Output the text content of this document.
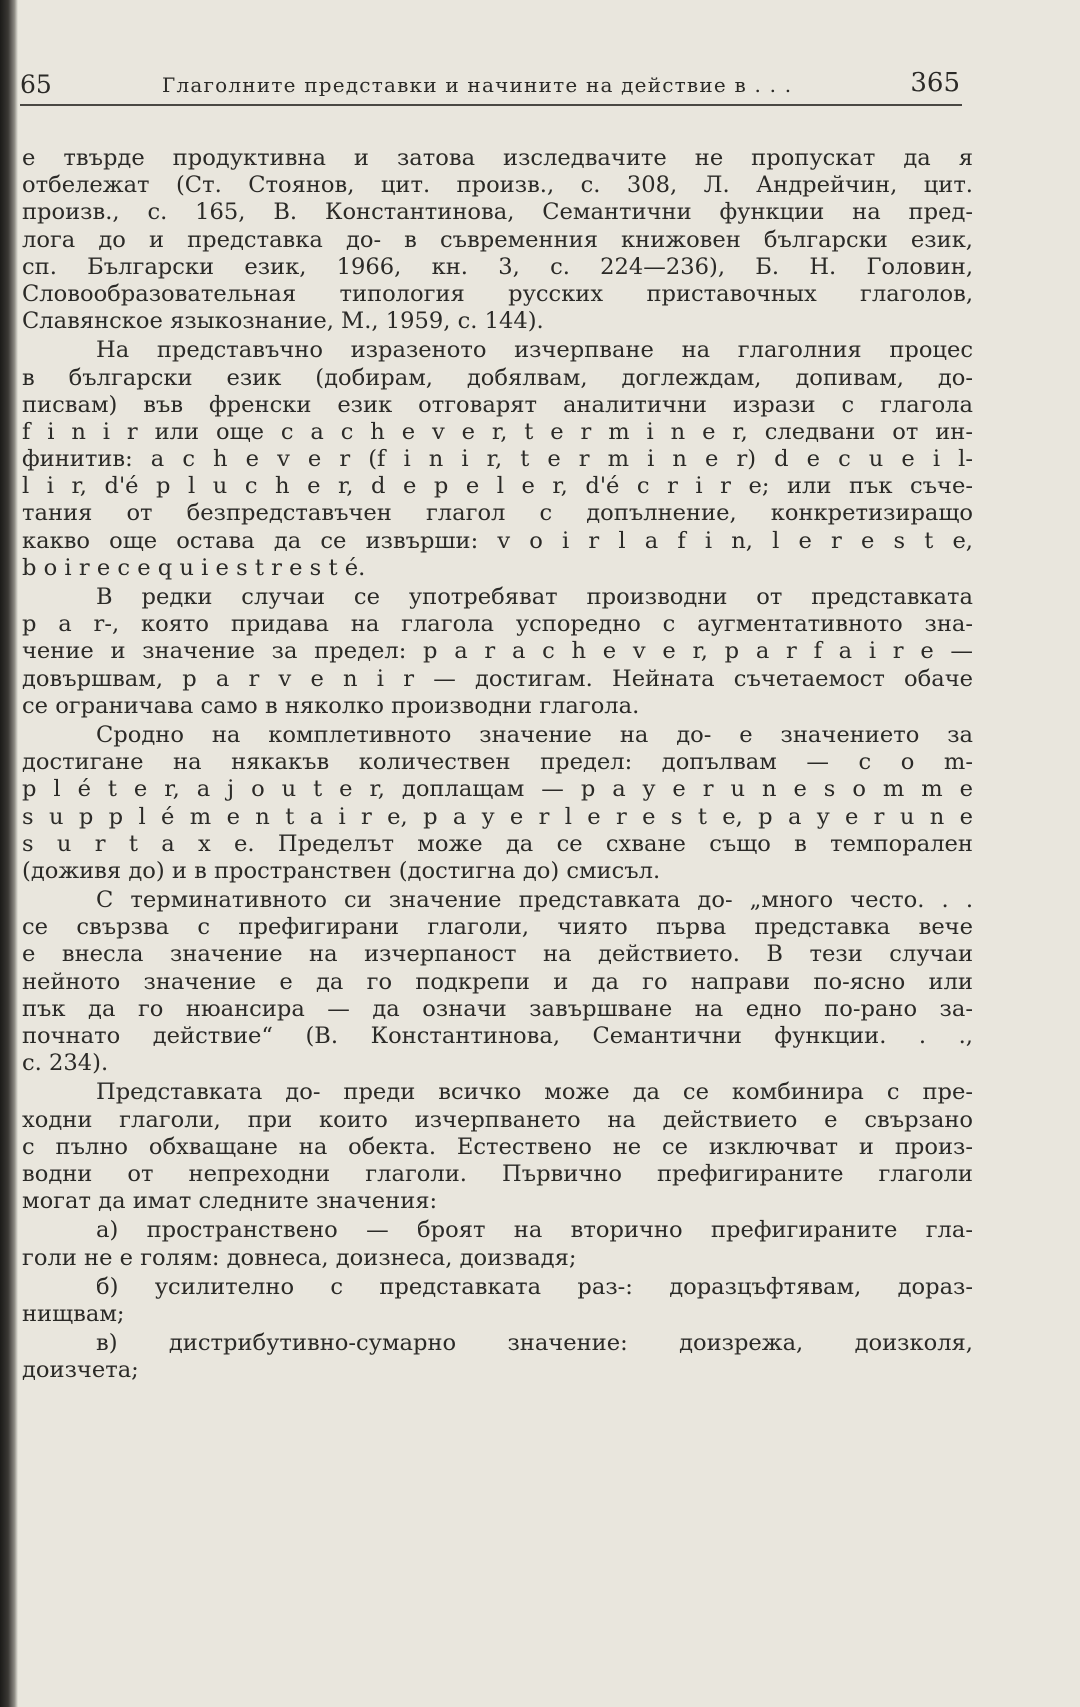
65	Глаголните представки и начините на действие в . . .	365
е твърде продуктивна и затова изследвачите не пропускат да я
отбележат (Ст. Стоянов, цит. произв., с. 308, Л. Андрейчин, цит.
произв., с. 165, В. Константинова, Семантични функции на пред-
лога до и представка до- в съвременния книжовен български език,
сп. Български език, 1966, кн. 3, с. 224—236), Б. Н. Головин,
Словообразовательная типология русских приставочных глаголов,
Славянское языкознание, М., 1959, с. 144).
На представъчно изразеното изчерпване на глаголния процес
в български език (добирам, добялвам, доглеждам, допивам, до-
писвам) във френски език отговарят аналитични изрази с глагола
f i n i r или още с a c h e v e r, t e r m i n e r, следвани от ин-
финитив: a c h e v e r (f i n i r, t e r m i n e r) d e c u e i l-
l i r, d'é p l u c h e r, d e p e l e r, d'é c r i r e; или пък съче-
тания от безпредставъчен глагол с допълнение, конкретизиращо
какво още остава да се извърши: v o i r l a f i n, l e r e s t e,
b o i r e c e q u i e s t r e s t é.
В редки случаи се употребяват производни от представката
p a r-, която придава на глагола успоредно с аугментативното зна-
чение и значение за предел: p a r a c h e v e r, p a r f a i r e —
довършвам, p a r v e n i r — достигам. Нейната съчетаемост обаче
се ограничава само в няколко производни глагола.
Сродно на комплетивното значение на до- е значението за
достигане на някакъв количествен предел: допълвам — c o m-
p l é t e r, a j o u t e r, доплащам — p a y e r u n e s o m m e
s u p p l é m e n t a i r e, p a y e r l e r e s t e, p a y e r u n e
s u r t a x e. Пределът може да се схване също в темпорален
(доживя до) и в пространствен (достигна до) смисъл.
С терминативното си значение представката до- „много често. . .
се свързва с префигирани глаголи, чиято първа представка вече
е внесла значение на изчерпаност на действието. В тези случаи
нейното значение е да го подкрепи и да го направи по-ясно или
пък да го нюансира — да означи завършване на едно по-рано за-
почнато действие“ (В. Константинова, Семантични функции. . .,
с. 234).
Представката до- преди всичко може да се комбинира с пре-
ходни глаголи, при които изчерпването на действието е свързано
с пълно обхващане на обекта. Естествено не се изключват и произ-
водни от непреходни глаголи. Първично префигираните глаголи
могат да имат следните значения:
а) пространствено — броят на вторично префигираните гла-
голи не е голям: довнеса, доизнеса, доизвадя;
б) усилително с представката раз-: доразцъфтявам, дораз-
нищвам;
в) дистрибутивно-сумарно значение: доизрежа, доизколя,
доизчета;
